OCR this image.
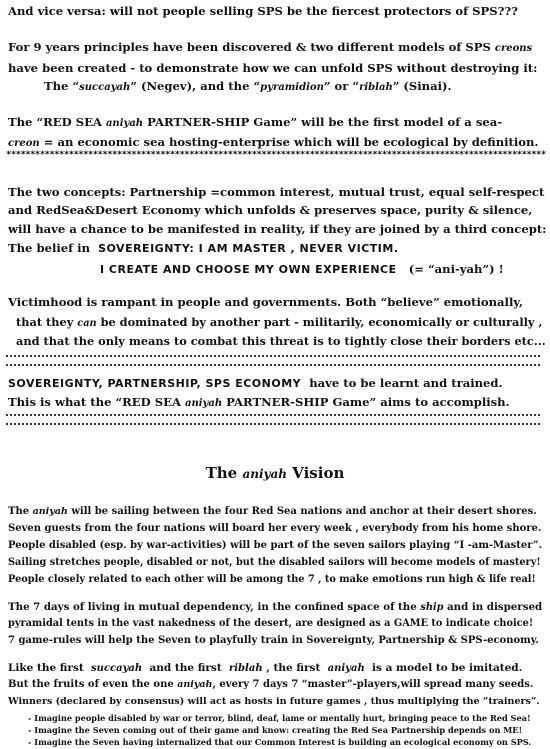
And vice versa: will not people selling SPS be the fiercest protectors of SPS???
For 9 years principles have been discovered & two different models of SPS creons
have been created - to demonstrate how we can unfold SPS without destroying it:
The “succayah” (Negev), and the “pyramidion” or “riblah” (Sinai).
The “RED SEA aniyah PARTNER-SHIP Game” will be the first model of a sea-
creon = an economic sea hosting-enterprise which will be ecological by definition.
****************************************************************************************************************
The two concepts: Partnership =common interest, mutual trust, equal self-respect
and RedSea&Desert Economy which unfolds & preserves space, purity & silence,
will have a chance to be manifested in reality, if they are joined by a third concept:
The belief in SOVEREIGNTY: I AM MASTER , NEVER VICTIM.
I CREATE AND CHOOSE MY OWN EXPERIENCE (= “ani-yah”) !
Victimhood is rampant in people and governments. Both “believe” emotionally,
that they can be dominated by another part - militarily, economically or culturally ,
and that the only means to combat this threat is to tightly close their borders etc...
SOVEREIGNTY, PARTNERSHIP, SPS ECONOMY have to be learnt and trained.
This is what the “RED SEA aniyah PARTNER-SHIP Game” aims to accomplish.
The aniyah Vision
The aniyah will be sailing between the four Red Sea nations and anchor at their desert shores.
Seven guests from the four nations will board her every week , everybody from his home shore.
People disabled (esp. by war-activities) will be part of the seven sailors playing “I -am-Master”.
Sailing stretches people, disabled or not, but the disabled sailors will become models of mastery!
People closely related to each other will be among the 7 , to make emotions run high & life real!
The 7 days of living in mutual dependency, in the confined space of the ship and in dispersed
pyramidal tents in the vast nakedness of the desert, are designed as a GAME to indicate choice!
7 game-rules will help the Seven to playfully train in Sovereignty, Partnership & SPS-economy.
Like the first succayah and the first riblah , the first aniyah is a model to be imitated.
But the fruits of even the one aniyah, every 7 days 7 “master”-players,will spread many seeds.
Winners (declared by consensus) will act as hosts in future games , thus multiplying the “trainers”.
- Imagine people disabled by war or terror, blind, deaf, lame or mentally hurt, bringing peace to the Red Sea!
- Imagine the Seven coming out of their game and know: creating the Red Sea Partnership depends on ME!
- Imagine the Seven having internalized that our Common Interest is building an ecological economy on SPS.
